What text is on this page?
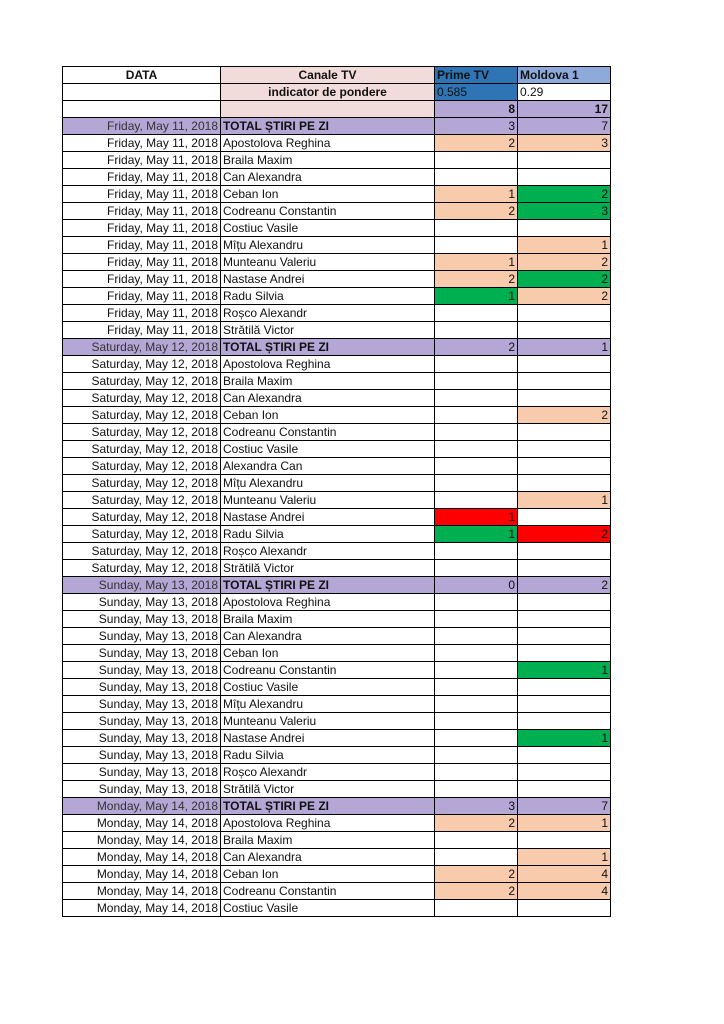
DATA	Canale TV	Prime TV	Moldova 1
	indicator de pondere	0.585	0.29
		8	17
Friday, May 11, 2018	TOTAL ȘTIRI PE ZI	3	7
Friday, May 11, 2018	Apostolova Reghina	2	3
Friday, May 11, 2018	Braila Maxim		
Friday, May 11, 2018	Can Alexandra		
Friday, May 11, 2018	Ceban Ion	1	2
Friday, May 11, 2018	Codreanu Constantin	2	3
Friday, May 11, 2018	Costiuc Vasile		
Friday, May 11, 2018	Mîțu Alexandru		1
Friday, May 11, 2018	Munteanu Valeriu	1	2
Friday, May 11, 2018	Nastase Andrei	2	2
Friday, May 11, 2018	Radu Silvia	1	2
Friday, May 11, 2018	Roșco Alexandr		
Friday, May 11, 2018	Strătilă Victor		
Saturday, May 12, 2018	TOTAL ȘTIRI PE ZI	2	1
Saturday, May 12, 2018	Apostolova Reghina		
Saturday, May 12, 2018	Braila Maxim		
Saturday, May 12, 2018	Can Alexandra		
Saturday, May 12, 2018	Ceban Ion		2
Saturday, May 12, 2018	Codreanu Constantin		
Saturday, May 12, 2018	Costiuc Vasile		
Saturday, May 12, 2018	Alexandra Can		
Saturday, May 12, 2018	Mîțu Alexandru		
Saturday, May 12, 2018	Munteanu Valeriu		1
Saturday, May 12, 2018	Nastase Andrei	1	
Saturday, May 12, 2018	Radu Silvia	1	2
Saturday, May 12, 2018	Roșco Alexandr		
Saturday, May 12, 2018	Strătilă Victor		
Sunday, May 13, 2018	TOTAL ȘTIRI PE ZI	0	2
Sunday, May 13, 2018	Apostolova Reghina		
Sunday, May 13, 2018	Braila Maxim		
Sunday, May 13, 2018	Can Alexandra		
Sunday, May 13, 2018	Ceban Ion		
Sunday, May 13, 2018	Codreanu Constantin		1
Sunday, May 13, 2018	Costiuc Vasile		
Sunday, May 13, 2018	Mîțu Alexandru		
Sunday, May 13, 2018	Munteanu Valeriu		
Sunday, May 13, 2018	Nastase Andrei		1
Sunday, May 13, 2018	Radu Silvia		
Sunday, May 13, 2018	Roșco Alexandr		
Sunday, May 13, 2018	Strătilă Victor		
Monday, May 14, 2018	TOTAL ȘTIRI PE ZI	3	7
Monday, May 14, 2018	Apostolova Reghina	2	1
Monday, May 14, 2018	Braila Maxim		
Monday, May 14, 2018	Can Alexandra		1
Monday, May 14, 2018	Ceban Ion	2	4
Monday, May 14, 2018	Codreanu Constantin	2	4
Monday, May 14, 2018	Costiuc Vasile		
